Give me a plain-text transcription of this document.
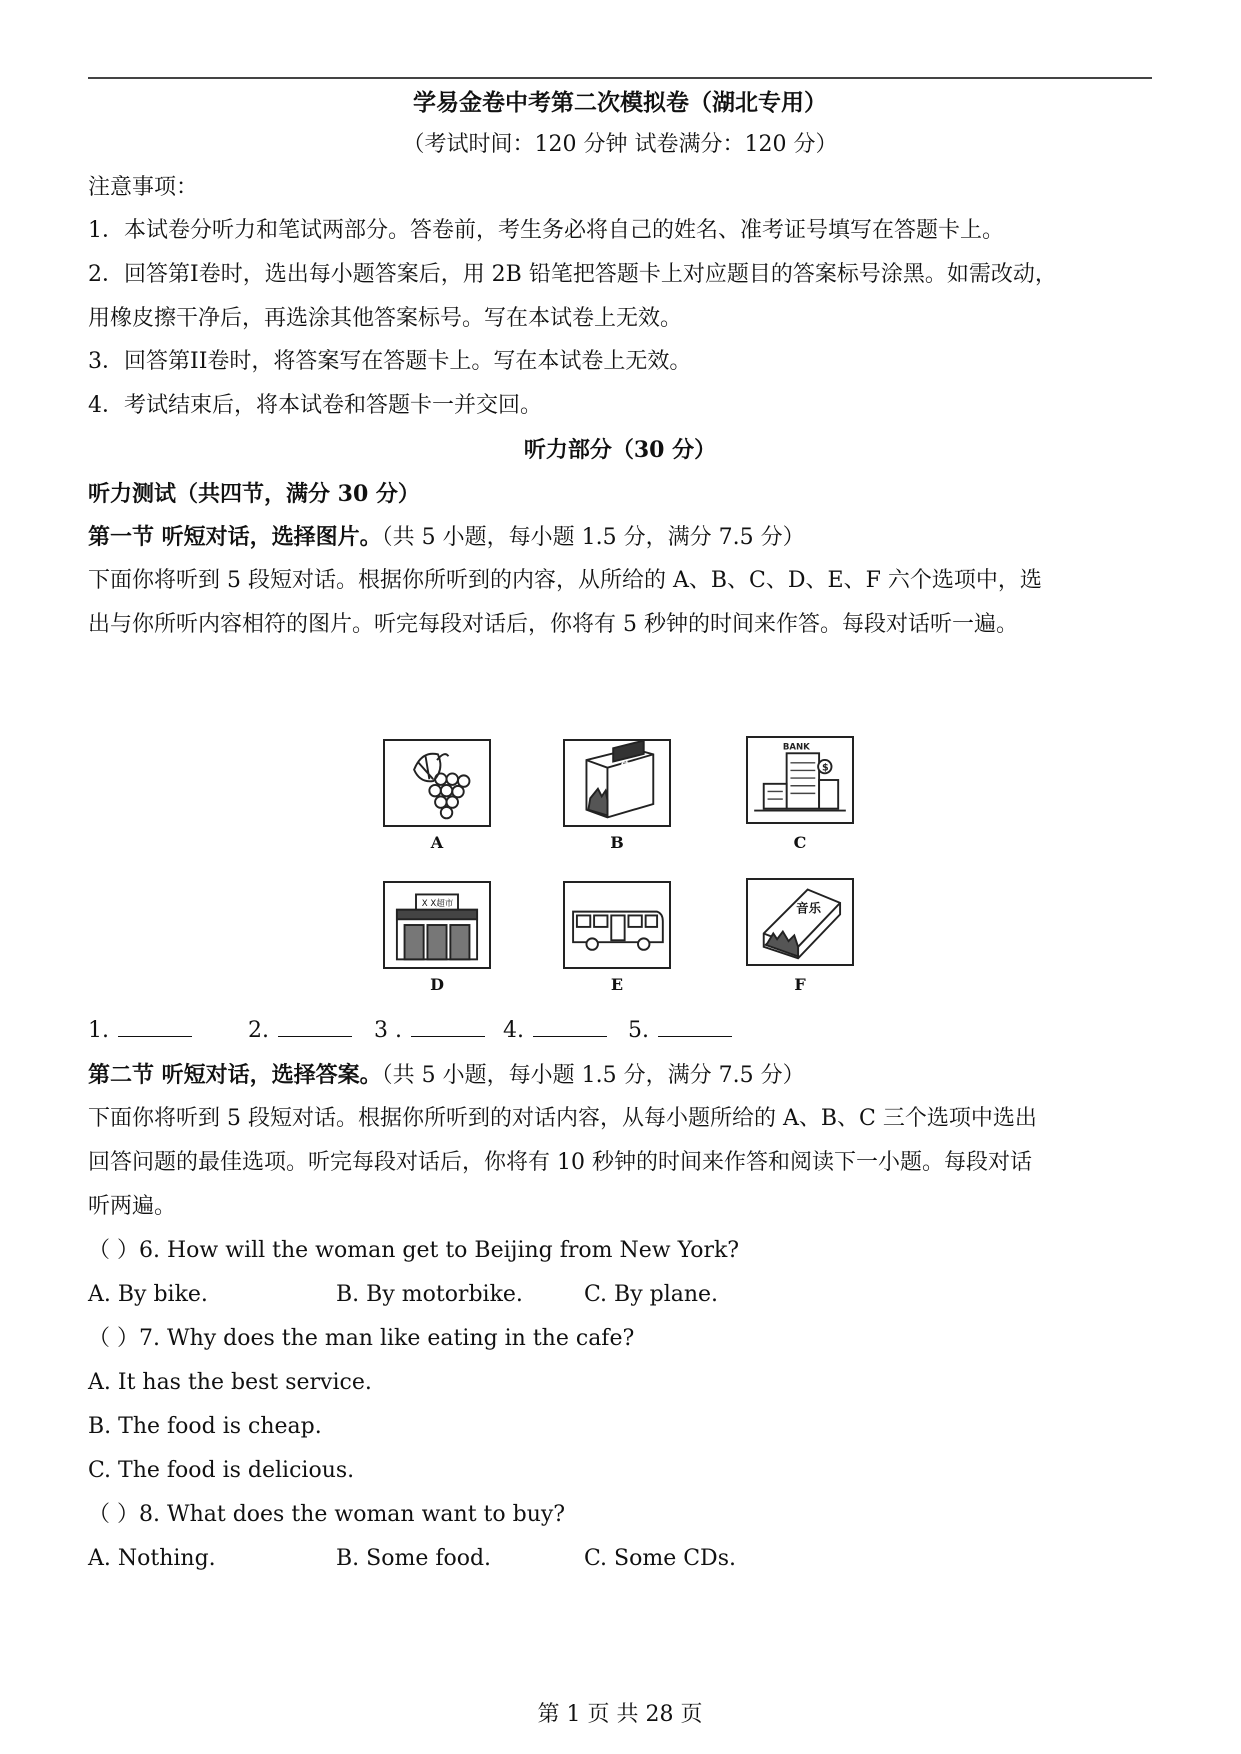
学易金卷中考第二次模拟卷（湖北专用）
（考试时间：120 分钟 试卷满分：120 分）
注意事项：
1．本试卷分听力和笔试两部分。答卷前，考生务必将自己的姓名、准考证号填写在答题卡上。
2．回答第I卷时，选出每小题答案后，用 2B 铅笔把答题卡上对应题目的答案标号涂黑。如需改动，
用橡皮擦干净后，再选涂其他答案标号。写在本试卷上无效。
3．回答第II卷时，将答案写在答题卡上。写在本试卷上无效。
4．考试结束后，将本试卷和答题卡一并交回。
听力部分（30 分）
听力测试（共四节，满分 30 分）
第一节 听短对话，选择图片。（共 5 小题，每小题 1.5 分，满分 7.5 分）
下面你将听到 5 段短对话。根据你所听到的内容，从所给的 A、B、C、D、E、F 六个选项中，选
出与你所听内容相符的图片。听完每段对话后，你将有 5 秒钟的时间来作答。每段对话听一遍。
A
字典
B
BANK
$
C
X X超市
D	E
音乐
F
1.	2.	3 .	4.	5.
第二节 听短对话，选择答案。（共 5 小题，每小题 1.5 分，满分 7.5 分）
下面你将听到 5 段短对话。根据你所听到的对话内容，从每小题所给的 A、B、C 三个选项中选出
回答问题的最佳选项。听完每段对话后，你将有 10 秒钟的时间来作答和阅读下一小题。每段对话
听两遍。
（ ）6. How will the woman get to Beijing from New York?
A. By bike.	B. By motorbike.	C. By plane.
（ ）7. Why does the man like eating in the cafe?
A. It has the best service.
B. The food is cheap.
C. The food is delicious.
（ ）8. What does the woman want to buy?
A. Nothing.	B. Some food.	C. Some CDs.
第 1 页 共 28 页
